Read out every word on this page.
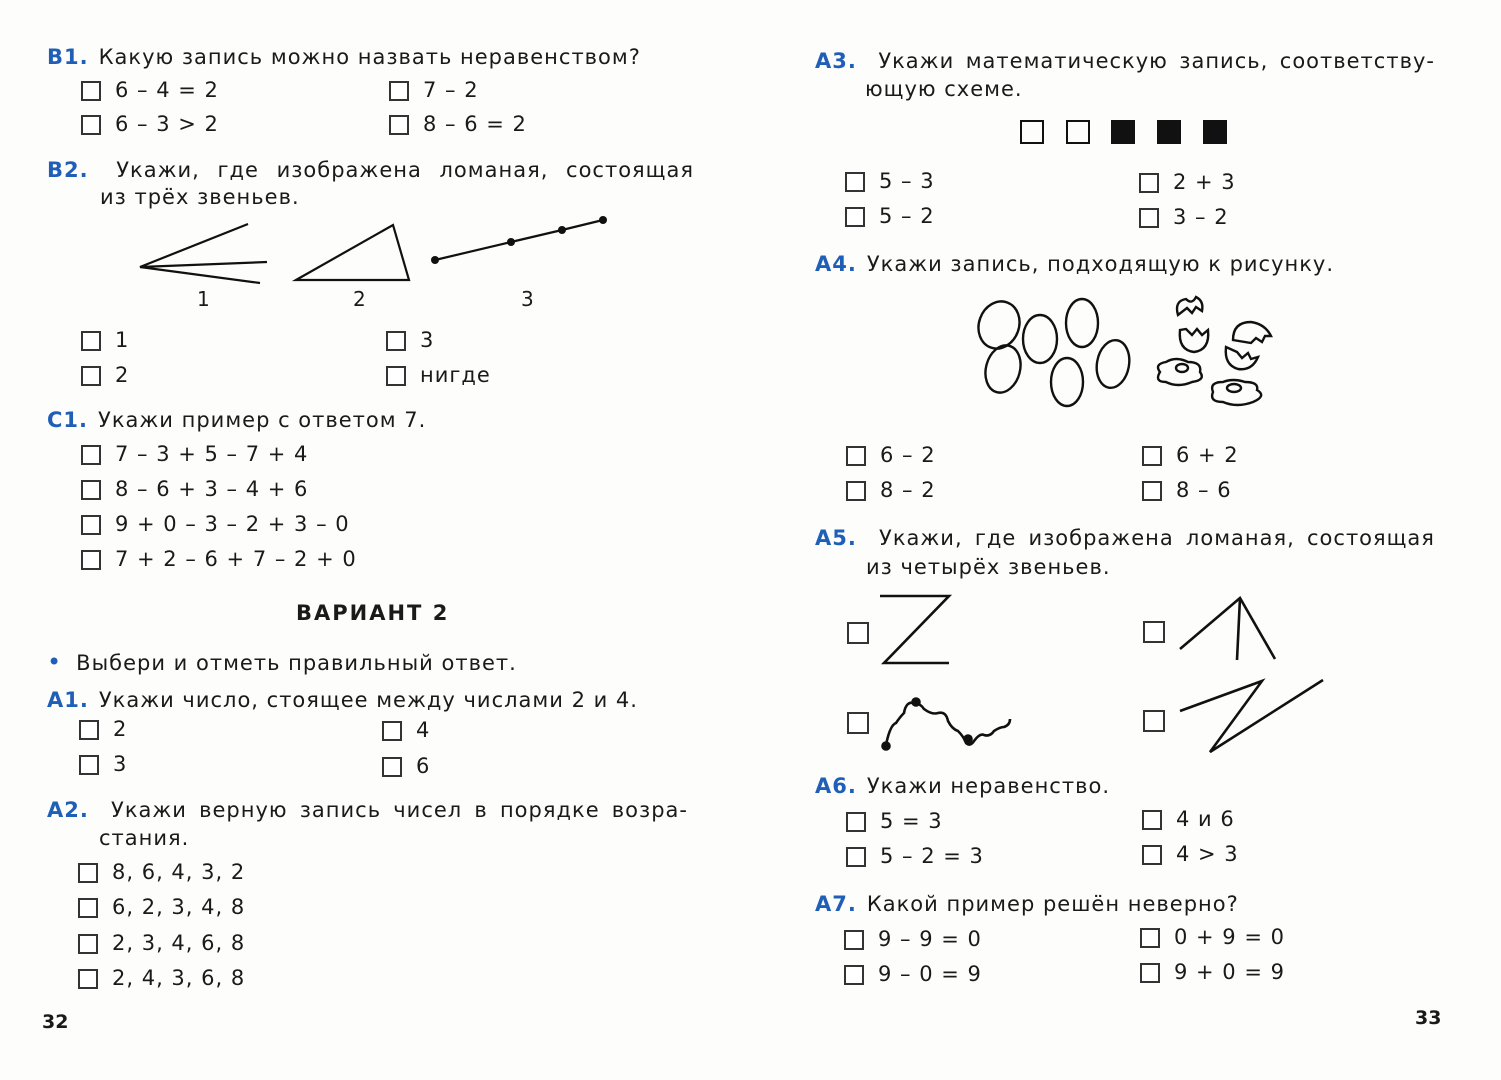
B1. Какую запись можно назвать неравенством?
6 – 4 = 2	7 – 2
6 – 3 > 2	8 – 6 = 2
B2. Укажи, где изображена ломаная, состоящая
из трёх звеньев.
1	2	3
1	3
2	нигде
C1. Укажи пример с ответом 7.
7 – 3 + 5 – 7 + 4
8 – 6 + 3 – 4 + 6
9 + 0 – 3 – 2 + 3 – 0
7 + 2 – 6 + 7 – 2 + 0
ВАРИАНТ 2
• Выбери и отметь правильный ответ.
A1. Укажи число, стоящее между числами 2 и 4.
2	4
3	6
A2. Укажи верную запись чисел в порядке возра-
стания.
8, 6, 4, 3, 2
6, 2, 3, 4, 8
2, 3, 4, 6, 8
2, 4, 3, 6, 8
32
A3. Укажи математическую запись, соответству-
ющую схеме.
5 – 3	2 + 3
5 – 2	3 – 2
A4. Укажи запись, подходящую к рисунку.
6 – 2	6 + 2
8 – 2	8 – 6
A5. Укажи, где изображена ломаная, состоящая
из четырёх звеньев.
A6. Укажи неравенство.
5 = 3	4 и 6
5 – 2 = 3	4 > 3
A7. Какой пример решён неверно?
9 – 9 = 0	0 + 9 = 0
9 – 0 = 9	9 + 0 = 9
33
